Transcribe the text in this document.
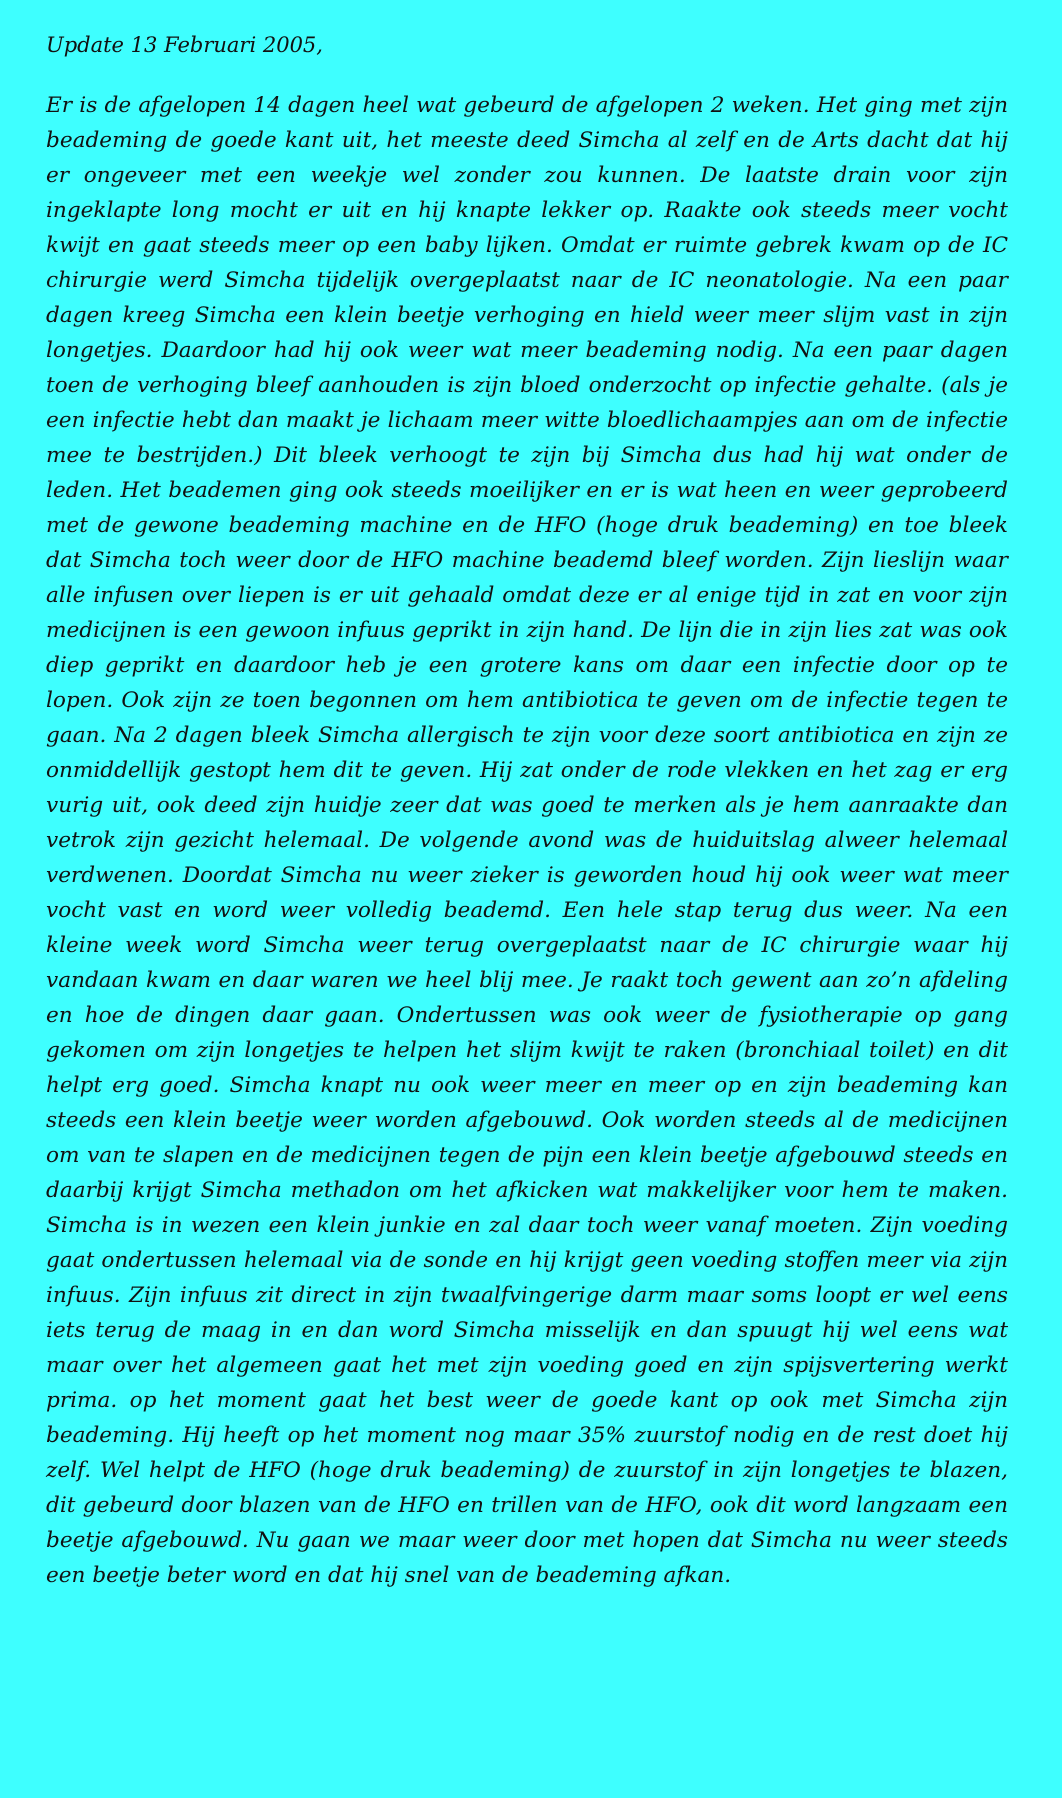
Update 13 Februari 2005,

Er is de afgelopen 14 dagen heel wat gebeurd de afgelopen 2 weken. Het ging met zijn beademing de goede kant uit, het meeste deed Simcha al zelf en de Arts dacht dat hij er ongeveer met een weekje wel zonder zou kunnen. De laatste drain voor zijn ingeklapte long mocht er uit en hij knapte lekker op. Raakte ook steeds meer vocht kwijt en gaat steeds meer op een baby lijken. Omdat er ruimte gebrek kwam op de IC chirurgie werd Simcha tijdelijk overgeplaatst naar de IC neonatologie. Na een paar dagen kreeg Simcha een klein beetje verhoging en hield weer meer slijm vast in zijn longetjes. Daardoor had hij ook weer wat meer beademing nodig. Na een paar dagen toen de verhoging bleef aanhouden is zijn bloed onderzocht op infectie gehalte. (als je een infectie hebt dan maakt je lichaam meer witte bloedlichaampjes aan om de infectie mee te bestrijden.) Dit bleek verhoogt te zijn bij Simcha dus had hij wat onder de leden. Het beademen ging ook steeds moeilijker en er is wat heen en weer geprobeerd met de gewone beademing machine en de HFO (hoge druk beademing) en toe bleek dat Simcha toch weer door de HFO machine beademd bleef worden. Zijn lieslijn waar alle infusen over liepen is er uit gehaald omdat deze er al enige tijd in zat en voor zijn medicijnen is een gewoon infuus geprikt in zijn hand. De lijn die in zijn lies zat was ook diep geprikt en daardoor heb je een grotere kans om daar een infectie door op te lopen. Ook zijn ze toen begonnen om hem antibiotica te geven om de infectie tegen te gaan. Na 2 dagen bleek Simcha allergisch te zijn voor deze soort antibiotica en zijn ze onmiddellijk gestopt hem dit te geven. Hij zat onder de rode vlekken en het zag er erg vurig uit, ook deed zijn huidje zeer dat was goed te merken als je hem aanraakte dan vetrok zijn gezicht helemaal. De volgende avond was de huiduitslag alweer helemaal verdwenen. Doordat Simcha nu weer zieker is geworden houd hij ook weer wat meer vocht vast en word weer volledig beademd. Een hele stap terug dus weer. Na een kleine week word Simcha weer terug overgeplaatst naar de IC chirurgie waar hij vandaan kwam en daar waren we heel blij mee. Je raakt toch gewent aan zo’n afdeling en hoe de dingen daar gaan. Ondertussen was ook weer de fysiotherapie op gang gekomen om zijn longetjes te helpen het slijm kwijt te raken (bronchiaal toilet) en dit helpt erg goed. Simcha knapt nu ook weer meer en meer op en zijn beademing kan steeds een klein beetje weer worden afgebouwd. Ook worden steeds al de medicijnen om van te slapen en de medicijnen tegen de pijn een klein beetje afgebouwd steeds en daarbij krijgt Simcha methadon om het afkicken wat makkelijker voor hem te maken. Simcha is in wezen een klein junkie en zal daar toch weer vanaf moeten. Zijn voeding gaat ondertussen helemaal via de sonde en hij krijgt geen voeding stoffen meer via zijn infuus. Zijn infuus zit direct in zijn twaalfvingerige darm maar soms loopt er wel eens iets terug de maag in en dan word Simcha misselijk en dan spuugt hij wel eens wat maar over het algemeen gaat het met zijn voeding goed en zijn spijsvertering werkt prima. op het moment gaat het best weer de goede kant op ook met Simcha zijn beademing. Hij heeft op het moment nog maar 35% zuurstof nodig en de rest doet hij zelf. Wel helpt de HFO (hoge druk beademing) de zuurstof in zijn longetjes te blazen, dit gebeurd door blazen van de HFO en trillen van de HFO, ook dit word langzaam een beetje afgebouwd. Nu gaan we maar weer door met hopen dat Simcha nu weer steeds een beetje beter word en dat hij snel van de beademing afkan.
